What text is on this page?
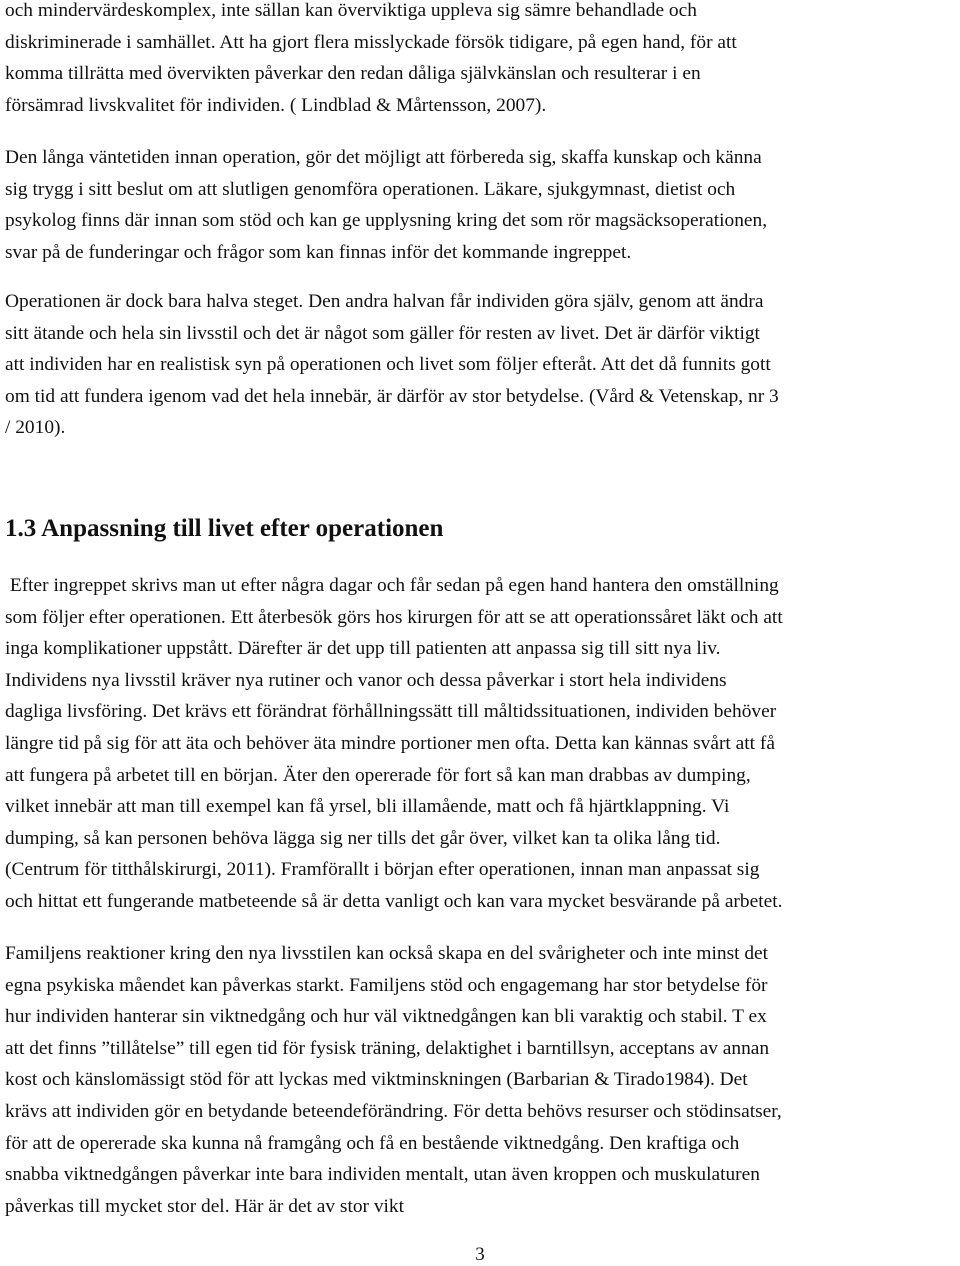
och mindervärdeskomplex, inte sällan kan överviktiga uppleva sig sämre behandlade och
diskriminerade i samhället. Att ha gjort flera misslyckade försök tidigare, på egen hand, för att
komma tillrätta med övervikten påverkar den redan dåliga självkänslan och resulterar i en
försämrad livskvalitet för individen. ( Lindblad & Mårtensson, 2007).
Den långa väntetiden innan operation, gör det möjligt att förbereda sig, skaffa kunskap och känna
sig trygg i sitt beslut om att slutligen genomföra operationen. Läkare, sjukgymnast, dietist och
psykolog finns där innan som stöd och kan ge upplysning kring det som rör magsäcksoperationen,
svar på de funderingar och frågor som kan finnas inför det kommande ingreppet.
Operationen är dock bara halva steget. Den andra halvan får individen göra själv, genom att ändra
sitt ätande och hela sin livsstil och det är något som gäller för resten av livet. Det är därför viktigt
att individen har en realistisk syn på operationen och livet som följer efteråt. Att det då funnits gott
om tid att fundera igenom vad det hela innebär, är därför av stor betydelse. (Vård & Vetenskap, nr 3
/ 2010).
Efter ingreppet skrivs man ut efter några dagar och får sedan på egen hand hantera den omställning
som följer efter operationen. Ett återbesök görs hos kirurgen för att se att operationssåret läkt och att
inga komplikationer uppstått. Därefter är det upp till patienten att anpassa sig till sitt nya liv.
Individens nya livsstil kräver nya rutiner och vanor och dessa påverkar i stort hela individens
dagliga livsföring. Det krävs ett förändrat förhållningssätt till måltidssituationen, individen behöver
längre tid på sig för att äta och behöver äta mindre portioner men ofta. Detta kan kännas svårt att få
att fungera på arbetet till en början. Äter den opererade för fort så kan man drabbas av dumping,
vilket innebär att man till exempel kan få yrsel, bli illamående, matt och få hjärtklappning. Vi
dumping, så kan personen behöva lägga sig ner tills det går över, vilket kan ta olika lång tid.
(Centrum för titthålskirurgi, 2011). Framförallt i början efter operationen, innan man anpassat sig
och hittat ett fungerande matbeteende så är detta vanligt och kan vara mycket besvärande på arbetet.
Familjens reaktioner kring den nya livsstilen kan också skapa en del svårigheter och inte minst det
egna psykiska måendet kan påverkas starkt. Familjens stöd och engagemang har stor betydelse för
hur individen hanterar sin viktnedgång och hur väl viktnedgången kan bli varaktig och stabil. T ex
att det finns ”tillåtelse” till egen tid för fysisk träning, delaktighet i barntillsyn, acceptans av annan
kost och känslomässigt stöd för att lyckas med viktminskningen (Barbarian & Tirado1984). Det
krävs att individen gör en betydande beteendeförändring. För detta behövs resurser och stödinsatser,
för att de opererade ska kunna nå framgång och få en bestående viktnedgång. Den kraftiga och
snabba viktnedgången påverkar inte bara individen mentalt, utan även kroppen och muskulaturen
påverkas till mycket stor del. Här är det av stor vikt
1.3 Anpassning till livet efter operationen
3
